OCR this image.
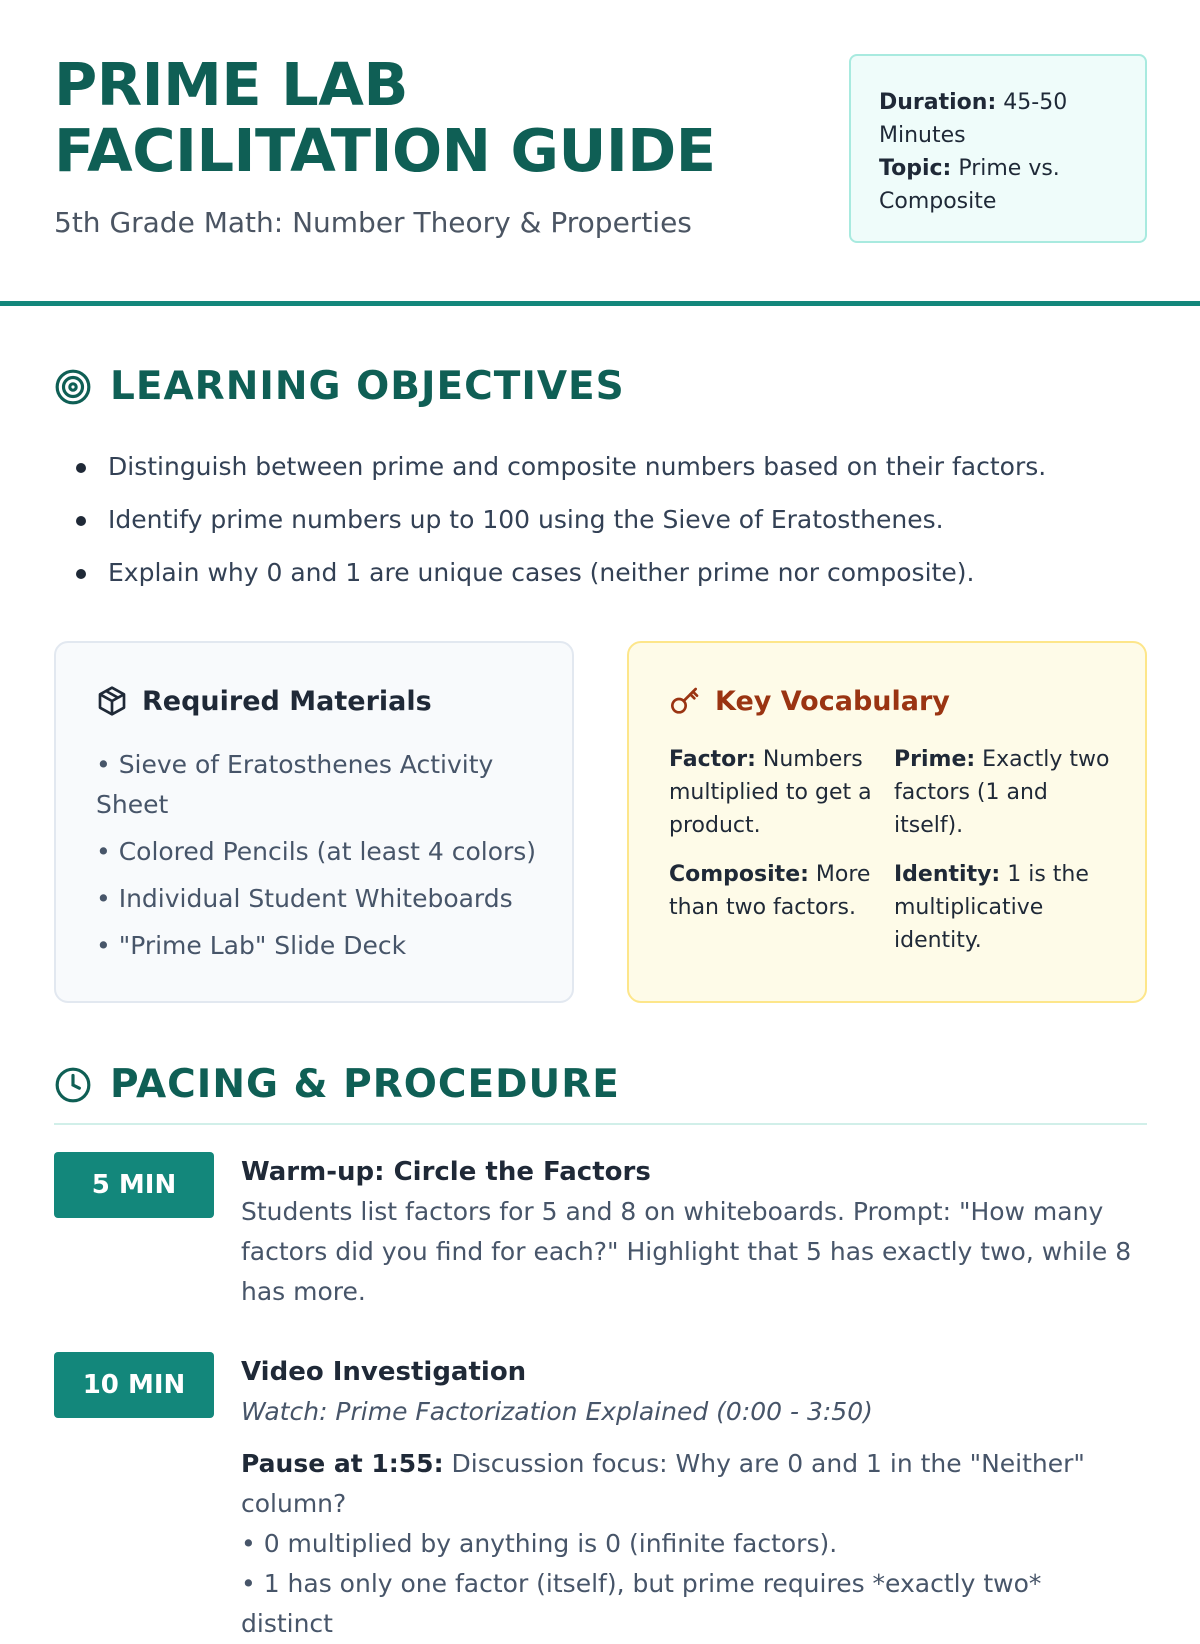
PRIME LAB FACILITATION GUIDE
5th Grade Math: Number Theory & Properties
Duration: 45-50 Minutes
Topic: Prime vs. Composite
LEARNING OBJECTIVES
Distinguish between prime and composite numbers based on their factors.
Identify prime numbers up to 100 using the Sieve of Eratosthenes.
Explain why 0 and 1 are unique cases (neither prime nor composite).
Required Materials
• Sieve of Eratosthenes Activity Sheet
• Colored Pencils (at least 4 colors)
• Individual Student Whiteboards
• "Prime Lab" Slide Deck
Key Vocabulary
Factor: Numbers multiplied to get a product.
Prime: Exactly two factors (1 and itself).
Composite: More than two factors.
Identity: 1 is the multiplicative identity.
PACING & PROCEDURE
5 MIN	Warm-up: Circle the Factors
Students list factors for 5 and 8 on whiteboards. Prompt: "How many factors did you find for each?" Highlight that 5 has exactly two, while 8 has more.
10 MIN	Video Investigation
Watch: Prime Factorization Explained (0:00 - 3:50)
Pause at 1:55: Discussion focus: Why are 0 and 1 in the "Neither" column?
• 0 multiplied by anything is 0 (infinite factors).
• 1 has only one factor (itself), but prime requires *exactly two* distinct
